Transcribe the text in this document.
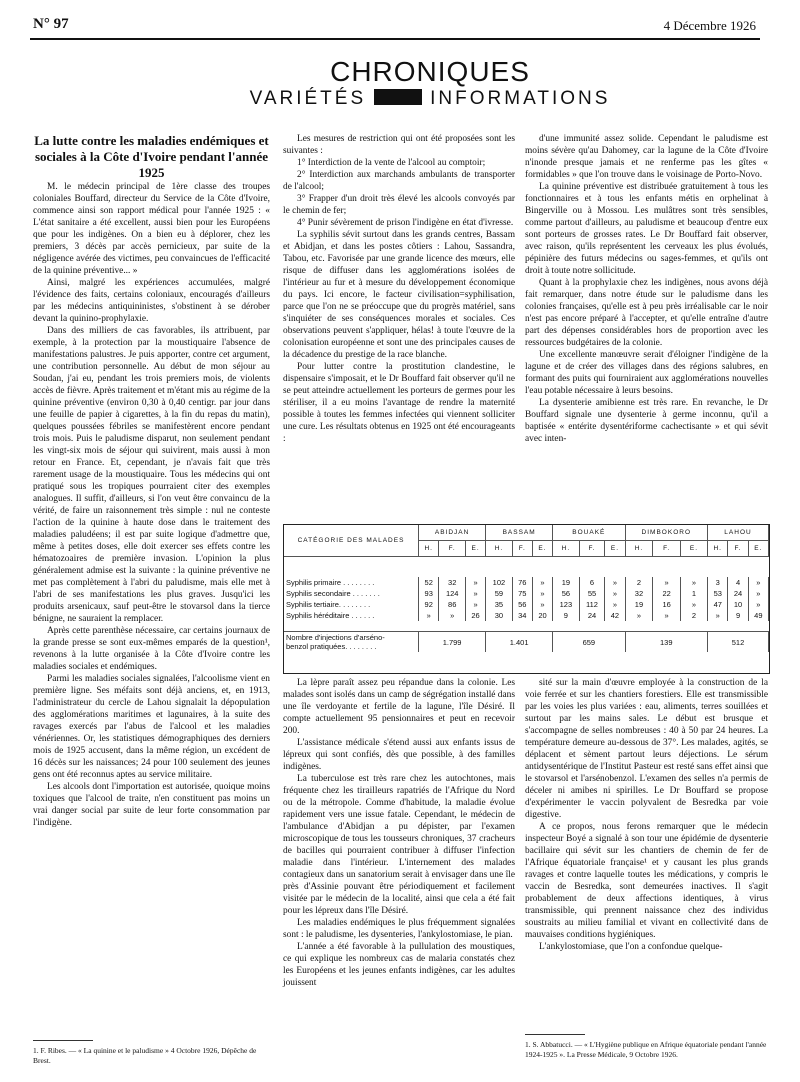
N° 97	4 Décembre 1926
CHRONIQUES
VARIÉTÉS	INFORMATIONS

La lutte contre les maladies endémiques et sociales à la Côte d'Ivoire pendant l'année 1925

M. le médecin principal de 1ère classe des troupes coloniales Bouffard, directeur du Service de la Côte d'Ivoire, commence ainsi son rapport médical pour l'année 1925 : « L'état sanitaire a été excellent, aussi bien pour les Européens que pour les indigènes. On a bien eu à déplorer, chez les premiers, 3 décès par accès pernicieux, par suite de la négligence avérée des victimes, peu convaincues de l'efficacité de la quinine préventive... »

Ainsi, malgré les expériences accumulées, malgré l'évidence des faits, certains coloniaux, encouragés d'ailleurs par les médecins antiquininistes, s'obstinent à se dérober devant la quinino-prophylaxie.

Dans des milliers de cas favorables, ils attribuent, par exemple, à la protection par la moustiquaire l'absence de manifestations palustres. Je puis apporter, contre cet argument, une contribution personnelle. Au début de mon séjour au Soudan, j'ai eu, pendant les trois premiers mois, de violents accès de fièvre. Après traitement et m'étant mis au régime de la quinine préventive (environ 0,30 à 0,40 centigr. par jour dans une feuille de papier à cigarettes, à la fin du repas du matin), quelques poussées fébriles se manifestèrent encore pendant trois mois. Puis le paludisme disparut, non seulement pendant les vingt-six mois de séjour qui suivirent, mais aussi à mon retour en France. Et, cependant, je n'avais fait que très rarement usage de la moustiquaire. Tous les médecins qui ont pratiqué sous les tropiques pourraient citer des exemples analogues. Il suffit, d'ailleurs, si l'on veut être convaincu de la vérité, de faire un raisonnement très simple : nul ne conteste l'action de la quinine à haute dose dans le traitement des maladies paludéens; il est par suite logique d'admettre que, même à petites doses, elle doit exercer ses effets contre les hématozoaires de première invasion. L'opinion la plus généralement admise est la suivante : la quinine préventive ne met pas complètement à l'abri du paludisme, mais elle met à l'abri de ses manifestations les plus graves. Jusqu'ici les produits arsenicaux, sauf peut-être le stovarsol dans la tierce bénigne, ne sauraient la remplacer.

Après cette parenthèse nécessaire, car certains journaux de la grande presse se sont eux-mêmes emparés de la question¹, revenons à la lutte organisée à la Côte d'Ivoire contre les maladies sociales et endémiques.

Parmi les maladies sociales signalées, l'alcoolisme vient en première ligne. Ses méfaits sont déjà anciens, et, en 1913, l'administrateur du cercle de Lahou signalait la dépopulation des agglomérations maritimes et lagunaires, à la suite des ravages exercés par l'abus de l'alcool et les maladies vénériennes. Or, les statistiques démographiques des derniers mois de 1925 accusent, dans la même région, un excédent de 16 décès sur les naissances; 24 pour 100 seulement des jeunes gens ont été reconnus aptes au service militaire.

Les alcools dont l'importation est autorisée, quoique moins toxiques que l'alcool de traite, n'en constituent pas moins un vrai danger social par suite de leur forte consommation par l'indigène.

Les mesures de restriction qui ont été proposées sont les suivantes :

1° Interdiction de la vente de l'alcool au comptoir;

2° Interdiction aux marchands ambulants de transporter de l'alcool;

3° Frapper d'un droit très élevé les alcools convoyés par le chemin de fer;

4° Punir sévèrement de prison l'indigène en état d'ivresse.

La syphilis sévit surtout dans les grands centres, Bassam et Abidjan, et dans les postes côtiers : Lahou, Sassandra, Tabou, etc. Favorisée par une grande licence des mœurs, elle risque de diffuser dans les agglomérations isolées de l'intérieur au fur et à mesure du développement économique du pays. Ici encore, le facteur civilisation=syphilisation, parce que l'on ne se préoccupe que du progrès matériel, sans s'inquiéter de ses conséquences morales et sociales. Ces observations peuvent s'appliquer, hélas! à toute l'œuvre de la colonisation européenne et sont une des principales causes de la décadence du prestige de la race blanche.

Pour lutter contre la prostitution clandestine, le dispensaire s'imposait, et le Dr Bouffard fait observer qu'il ne se peut atteindre actuellement les porteurs de germes pour les stériliser, il a eu moins l'avantage de rendre la maternité possible à toutes les femmes infectées qui viennent solliciter une cure. Les résultats obtenus en 1925 ont été encourageants :

d'une immunité assez solide. Cependant le paludisme est moins sévère qu'au Dahomey, car la lagune de la Côte d'Ivoire n'inonde presque jamais et ne renferme pas les gîtes « formidables » que l'on trouve dans le voisinage de Porto-Novo.

La quinine préventive est distribuée gratuitement à tous les fonctionnaires et à tous les enfants métis en orphelinat à Bingerville ou à Mossou. Les mulâtres sont très sensibles, comme partout d'ailleurs, au paludisme et beaucoup d'entre eux sont porteurs de grosses rates. Le Dr Bouffard fait observer, avec raison, qu'ils représentent les cerveaux les plus évolués, pépinière des futurs médecins ou sages-femmes, et qu'ils ont droit à toute notre sollicitude.

Quant à la prophylaxie chez les indigènes, nous avons déjà fait remarquer, dans notre étude sur le paludisme dans les colonies françaises, qu'elle est à peu près irréalisable car le noir n'est pas encore préparé à l'accepter, et qu'elle entraîne d'autre part des dépenses considérables hors de proportion avec les ressources budgétaires de la colonie.

Une excellente manœuvre serait d'éloigner l'indigène de la lagune et de créer des villages dans des régions salubres, en formant des puits qui fourniraient aux agglomérations nouvelles l'eau potable nécessaire à leurs besoins.

La dysenterie amibienne est très rare. En revanche, le Dr Bouffard signale une dysenterie à germe inconnu, qu'il a baptisée « entérite dysentériforme cachectisante » et qui sévit avec inten-

CATÉGORIE DES MALADES	ABIDJAN			BASSAM			BOUAKÉ			DIMBOKORO			LAHOU		
	H.	F.	E.	H.	F.	E.	H.	F.	E.	H.	F.	E.	H.	F.	E.

Syphilis primaire . . . . . . . .	52	32	»	102	76	»	19	6	»	2	»	»	3	4	»
Syphilis secondaire . . . . . . .	93	124	»	59	75	»	56	55	»	32	22	1	53	24	»
Syphilis tertiaire. . . . . . . .	92	86	»	35	56	»	123	112	»	19	16	»	47	10	»
Syphilis héréditaire . . . . . .	»	»	26	30	34	20	9	24	42	»	»	2	»	9	49

Nombre d'injections d'arséno-
benzol pratiquées. . . . . . . .	1.799			1.401			659			139			512		

La lèpre paraît assez peu répandue dans la colonie. Les malades sont isolés dans un camp de ségrégation installé dans une île verdoyante et fertile de la lagune, l'île Désiré. Il compte actuellement 95 pensionnaires et peut en recevoir 200.

L'assistance médicale s'étend aussi aux enfants issus de lépreux qui sont confiés, dès que possible, à des familles indigènes.

La tuberculose est très rare chez les autochtones, mais fréquente chez les tirailleurs rapatriés de l'Afrique du Nord ou de la métropole. Comme d'habitude, la maladie évolue rapidement vers une issue fatale. Cependant, le médecin de l'ambulance d'Abidjan a pu dépister, par l'examen microscopique de tous les tousseurs chroniques, 37 cracheurs de bacilles qui pourraient contribuer à diffuser l'infection maladie dans l'intérieur. L'internement des malades contagieux dans un sanatorium serait à envisager dans une île près d'Assinie pouvant être périodiquement et facilement visitée par le médecin de la localité, ainsi que cela a été fait pour les lépreux dans l'île Désiré.

Les maladies endémiques le plus fréquemment signalées sont : le paludisme, les dysenteries, l'ankylostomiase, le pian.

L'année a été favorable à la pullulation des moustiques, ce qui explique les nombreux cas de malaria constatés chez les Européens et les jeunes enfants indigènes, car les adultes jouissent

sité sur la main d'œuvre employée à la construction de la voie ferrée et sur les chantiers forestiers. Elle est transmissible par les voies les plus variées : eau, aliments, terres souillées et surtout par les mains sales. Le début est brusque et s'accompagne de selles nombreuses : 40 à 50 par 24 heures. La température demeure au-dessous de 37°. Les malades, agités, se déplacent et sèment partout leurs déjections. Le sérum antidysentérique de l'Institut Pasteur est resté sans effet ainsi que le stovarsol et l'arsénobenzol. L'examen des selles n'a permis de déceler ni amibes ni spirilles. Le Dr Bouffard se propose d'expérimenter le vaccin polyvalent de Besredka par voie digestive.

A ce propos, nous ferons remarquer que le médecin inspecteur Boyé a signalé à son tour une épidémie de dysenterie bacillaire qui sévit sur les chantiers de chemin de fer de l'Afrique équatoriale française¹ et y causant les plus grands ravages et contre laquelle toutes les médications, y compris le vaccin de Besredka, sont demeurées inactives. Il s'agit probablement de deux affections identiques, à virus transmissible, qui prennent naissance chez des individus soustraits au milieu familial et vivant en collectivité dans de mauvaises conditions hygiéniques.

L'ankylostomiase, que l'on a confondue quelque-

1. F. Ribes. — « La quinine et le paludisme » 4 Octobre 1926, Dépêche de Brest.
1. S. Abbatucci. — « L'Hygiène publique en Afrique équatoriale pendant l'année 1924-1925 ». La Presse Médicale, 9 Octobre 1926.
